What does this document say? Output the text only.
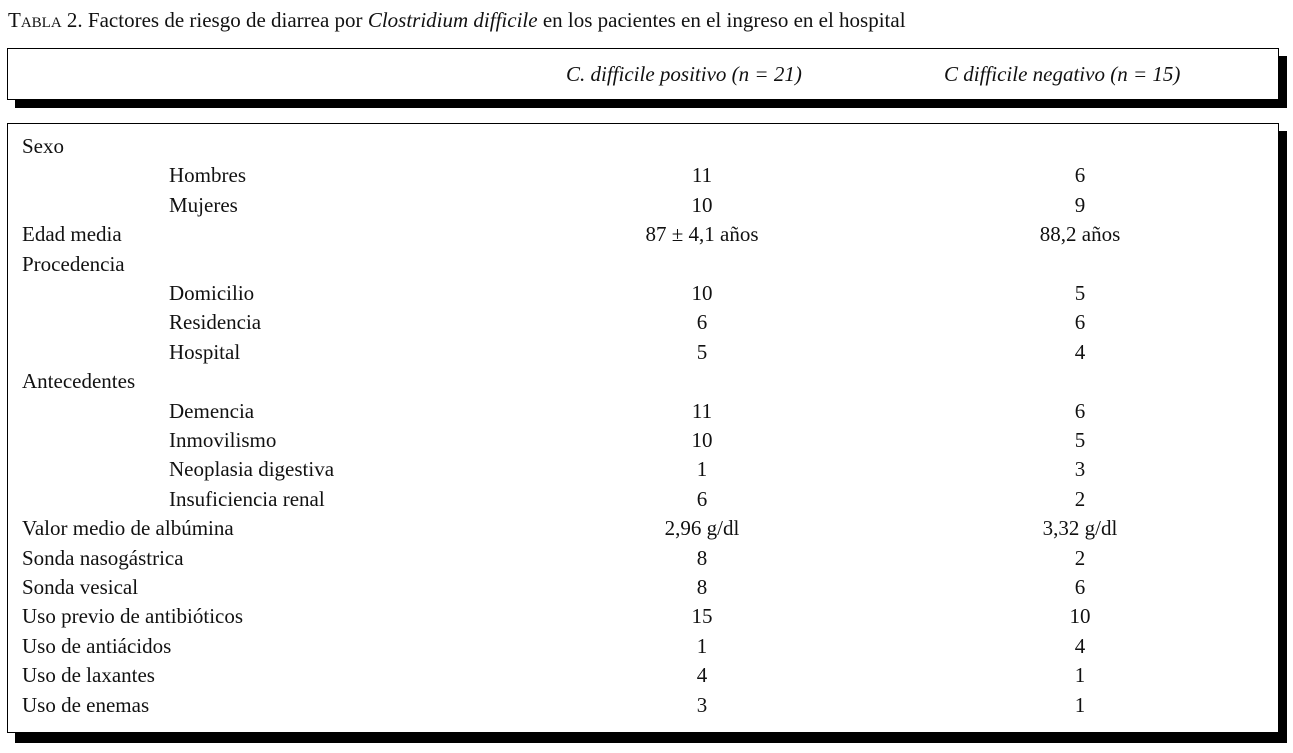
Tabla 2. Factores de riesgo de diarrea por Clostridium difficile en los pacientes en el ingreso en el hospital
C. difficile positivo (n = 21)	C difficile negativo (n = 15)
Sexo
Hombres	11	6
Mujeres	10	9
Edad media	87 ± 4,1 años	88,2 años
Procedencia
Domicilio	10	5
Residencia	6	6
Hospital	5	4
Antecedentes
Demencia	11	6
Inmovilismo	10	5
Neoplasia digestiva	1	3
Insuficiencia renal	6	2
Valor medio de albúmina	2,96 g/dl	3,32 g/dl
Sonda nasogástrica	8	2
Sonda vesical	8	6
Uso previo de antibióticos	15	10
Uso de antiácidos	1	4
Uso de laxantes	4	1
Uso de enemas	3	1
